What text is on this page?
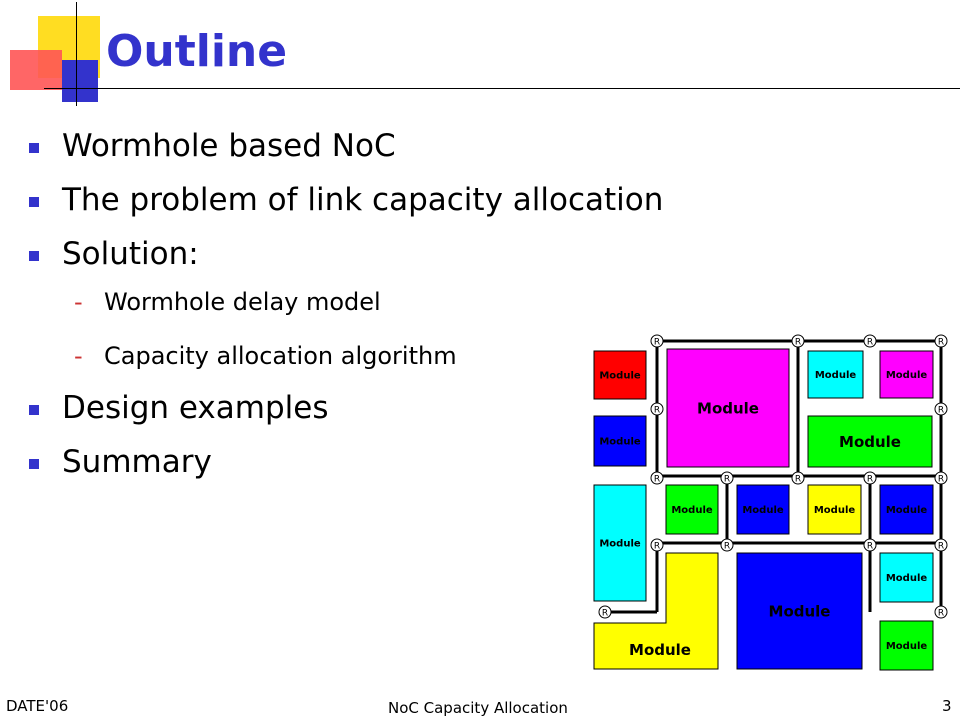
Outline
Wormhole based NoC
The problem of link capacity allocation
Solution:
- Wormhole delay model
- Capacity allocation algorithm
Design examples
Summary
Module
Module
Module
Module	Module
Module
Module
Module	Module	Module	Module
Module
Module
Module
Module
R	R	R	R
R	R
R	R	R	R	R
R	R	R	R
R	R
DATE'06	NoC Capacity Allocation	3
